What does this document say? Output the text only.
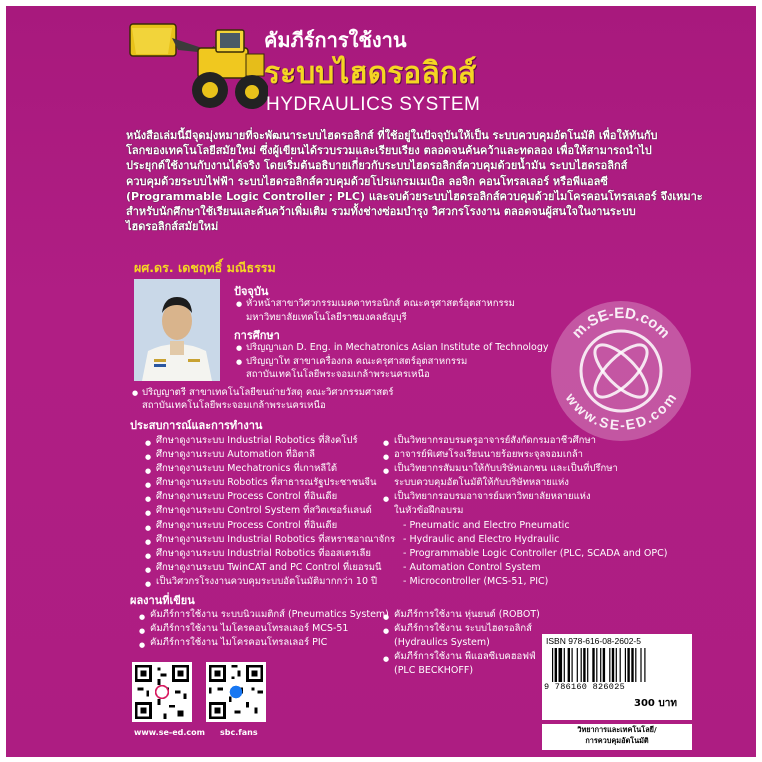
คัมภีร์การใช้งาน
ระบบไฮดรอลิกส์
HYDRAULICS SYSTEM
หนังสือเล่มนี้มีจุดมุ่งหมายที่จะพัฒนาระบบไฮดรอลิกส์ ที่ใช้อยู่ในปัจจุบันให้เป็น ระบบควบคุมอัตโนมัติ เพื่อให้ทันกับ
โลกของเทคโนโลยีสมัยใหม่ ซึ่งผู้เขียนได้รวบรวมและเรียบเรียง ตลอดจนค้นคว้าและทดลอง เพื่อให้สามารถนำไป
ประยุกต์ใช้งานกับงานได้จริง โดยเริ่มต้นอธิบายเกี่ยวกับระบบไฮดรอลิกส์ควบคุมด้วยน้ำมัน ระบบไฮดรอลิกส์
ควบคุมด้วยระบบไฟฟ้า ระบบไฮดรอลิกส์ควบคุมด้วยโปรแกรมเมเบิล ลอจิก คอนโทรลเลอร์ หรือพีแอลซี
(Programmable Logic Controller ; PLC) และจบด้วยระบบไฮดรอลิกส์ควบคุมด้วยไมโครคอนโทรลเลอร์ จึงเหมาะ
สำหรับนักศึกษาใช้เรียนและค้นคว้าเพิ่มเติม รวมทั้งช่างซ่อมบำรุง วิศวกรโรงงาน ตลอดจนผู้สนใจในงานระบบ
ไฮดรอลิกส์สมัยใหม่
ผศ.ดร. เดชฤทธิ์ มณีธรรม
ปัจจุบัน
● หัวหน้าสาขาวิศวกรรมเมคคาทรอนิกส์ คณะครุศาสตร์อุตสาหกรรม
มหาวิทยาลัยเทคโนโลยีราชมงคลธัญบุรี
การศึกษา
● ปริญญาเอก D. Eng. in Mechatronics Asian Institute of Technology
● ปริญญาโท สาขาเครื่องกล คณะครุศาสตร์อุตสาหกรรม
สถาบันเทคโนโลยีพระจอมเกล้าพระนครเหนือ
● ปริญญาตรี สาขาเทคโนโลยีขนถ่ายวัสดุ คณะวิศวกรรมศาสตร์
สถาบันเทคโนโลยีพระจอมเกล้าพระนครเหนือ
ประสบการณ์และการทำงาน
● ศึกษาดูงานระบบ Industrial Robotics ที่สิงคโปร์
● ศึกษาดูงานระบบ Automation ที่อิตาลี
● ศึกษาดูงานระบบ Mechatronics ที่เกาหลีใต้
● ศึกษาดูงานระบบ Robotics ที่สาธารณรัฐประชาชนจีน
● ศึกษาดูงานระบบ Process Control ที่อินเดีย
● ศึกษาดูงานระบบ Control System ที่สวิตเซอร์แลนด์
● ศึกษาดูงานระบบ Process Control ที่อินเดีย
● ศึกษาดูงานระบบ Industrial Robotics ที่สหราชอาณาจักร
● ศึกษาดูงานระบบ Industrial Robotics ที่ออสเตรเลีย
● ศึกษาดูงานระบบ TwinCAT and PC Control ที่เยอรมนี
● เป็นวิศวกรโรงงานควบคุมระบบอัตโนมัติมากกว่า 10 ปี
● เป็นวิทยากรอบรมครูอาจารย์สังกัดกรมอาชีวศึกษา
● อาจารย์พิเศษโรงเรียนนายร้อยพระจุลจอมเกล้า
● เป็นวิทยากรสัมมนาให้กับบริษัทเอกชน และเป็นที่ปรึกษา
ระบบควบคุมอัตโนมัติให้กับบริษัทหลายแห่ง
● เป็นวิทยากรอบรมอาจารย์มหาวิทยาลัยหลายแห่ง
ในหัวข้อฝึกอบรม
- Pneumatic and Electro Pneumatic
- Hydraulic and Electro Hydraulic
- Programmable Logic Controller (PLC, SCADA and OPC)
- Automation Control System
- Microcontroller (MCS-51, PIC)
ผลงานที่เขียน
● คัมภีร์การใช้งาน ระบบนิวแมติกส์ (Pneumatics System)
● คัมภีร์การใช้งาน ไมโครคอนโทรลเลอร์ MCS-51
● คัมภีร์การใช้งาน ไมโครคอนโทรลเลอร์ PIC
● คัมภีร์การใช้งาน หุ่นยนต์ (ROBOT)
● คัมภีร์การใช้งาน ระบบไฮดรอลิกส์
(Hydraulics System)
● คัมภีร์การใช้งาน พีแอลซีเบคฮอฟฟ์
(PLC BECKHOFF)
m.SE-ED.com
www.SE-ED.com
www.se-ed.com sbc.fans
ISBN 978-616-08-2602-5
9 786160 826025
300 บาท
วิทยาการและเทคโนโลยี/
การควบคุมอัตโนมัติ
